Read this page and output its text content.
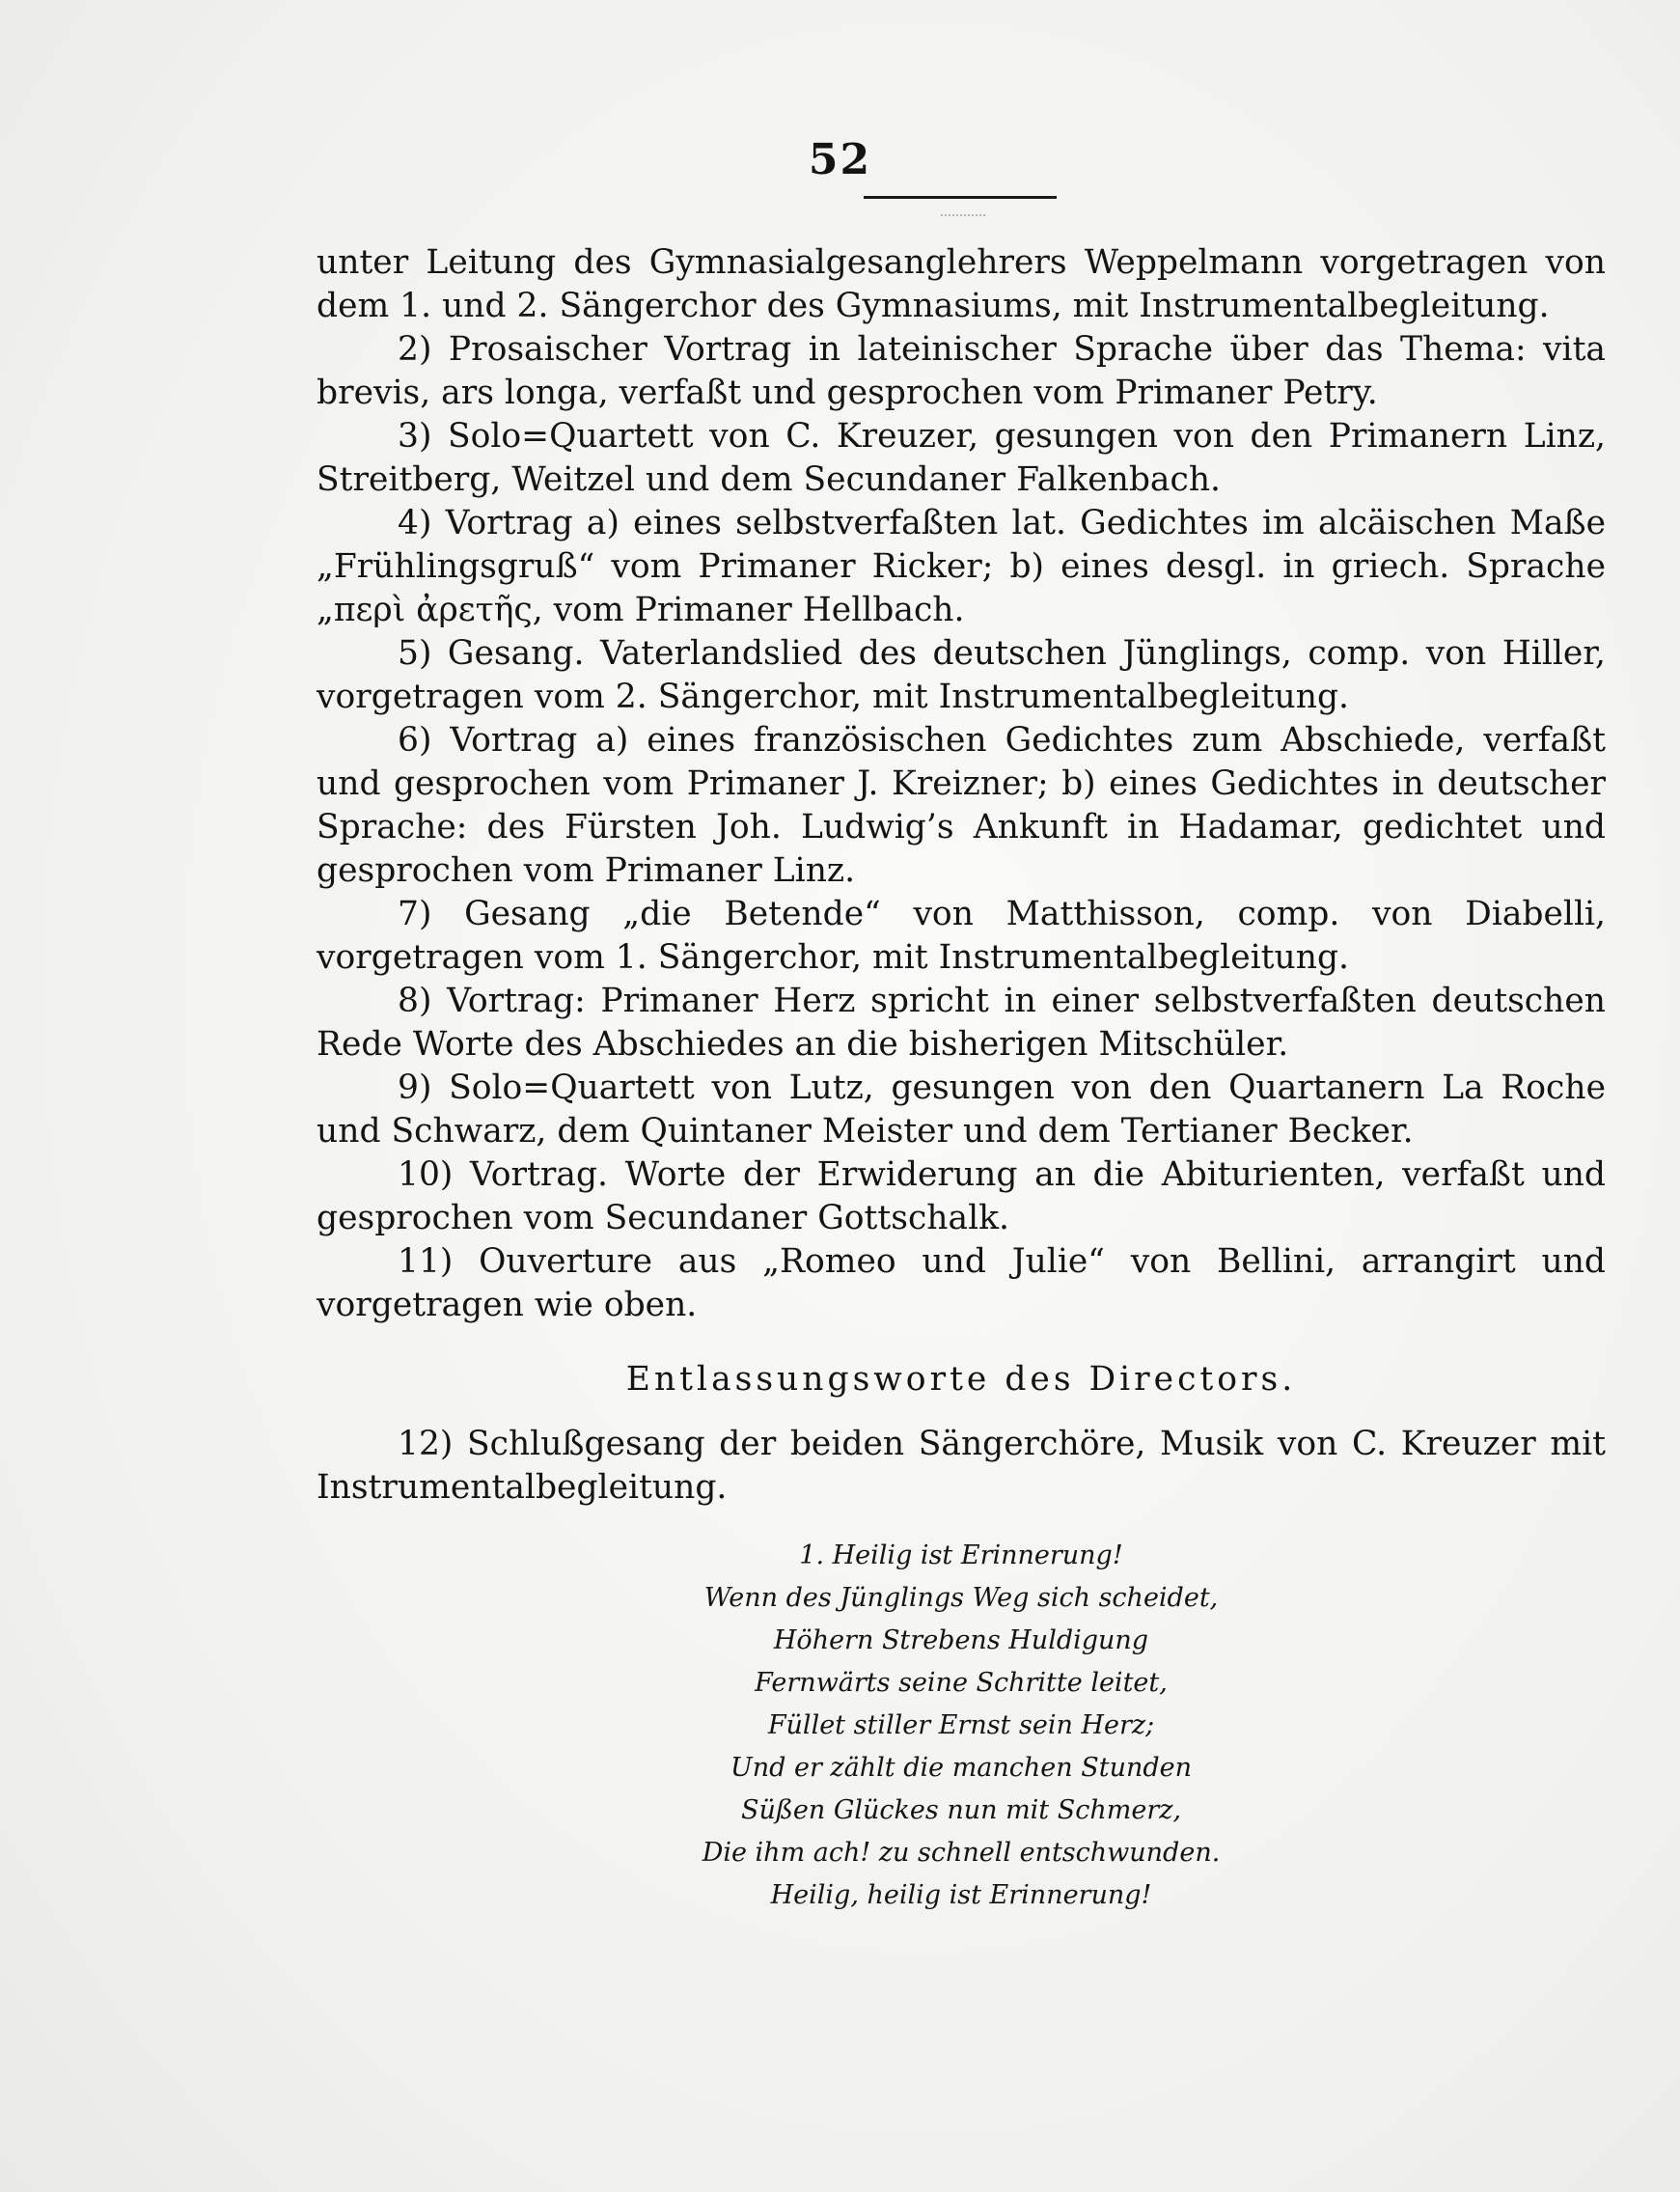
52

unter Leitung des Gymnasialgesanglehrers Weppelmann vorgetragen von dem 1. und 2. Sängerchor des Gymnasiums, mit Instrumentalbegleitung.

2) Prosaischer Vortrag in lateinischer Sprache über das Thema: vita brevis, ars longa, verfaßt und gesprochen vom Primaner Petry.

3) Solo=Quartett von C. Kreuzer, gesungen von den Primanern Linz, Streitberg, Weitzel und dem Secundaner Falkenbach.

4) Vortrag a) eines selbstverfaßten lat. Gedichtes im alcäischen Maße „Frühlingsgruß“ vom Primaner Ricker; b) eines desgl. in griech. Sprache „περὶ ἀρετῆς, vom Primaner Hellbach.

5) Gesang. Vaterlandslied des deutschen Jünglings, comp. von Hiller, vorgetragen vom 2. Sängerchor, mit Instrumentalbegleitung.

6) Vortrag a) eines französischen Gedichtes zum Abschiede, verfaßt und gesprochen vom Primaner J. Kreizner; b) eines Gedichtes in deutscher Sprache: des Fürsten Joh. Ludwig’s Ankunft in Hadamar, gedichtet und gesprochen vom Primaner Linz.

7) Gesang „die Betende“ von Matthisson, comp. von Diabelli, vorgetragen vom 1. Sängerchor, mit Instrumentalbegleitung.

8) Vortrag: Primaner Herz spricht in einer selbstverfaßten deutschen Rede Worte des Abschiedes an die bisherigen Mitschüler.

9) Solo=Quartett von Lutz, gesungen von den Quartanern La Roche und Schwarz, dem Quintaner Meister und dem Tertianer Becker.

10) Vortrag. Worte der Erwiderung an die Abiturienten, verfaßt und gesprochen vom Secundaner Gottschalk.

11) Ouverture aus „Romeo und Julie“ von Bellini, arrangirt und vorgetragen wie oben.

Entlassungsworte des Directors.

12) Schlußgesang der beiden Sängerchöre, Musik von C. Kreuzer mit Instrumentalbegleitung.

1. Heilig ist Erinnerung!
Wenn des Jünglings Weg sich scheidet,
Höhern Strebens Huldigung
Fernwärts seine Schritte leitet,
Füllet stiller Ernst sein Herz;
Und er zählt die manchen Stunden
Süßen Glückes nun mit Schmerz,
Die ihm ach! zu schnell entschwunden.
Heilig, heilig ist Erinnerung!
